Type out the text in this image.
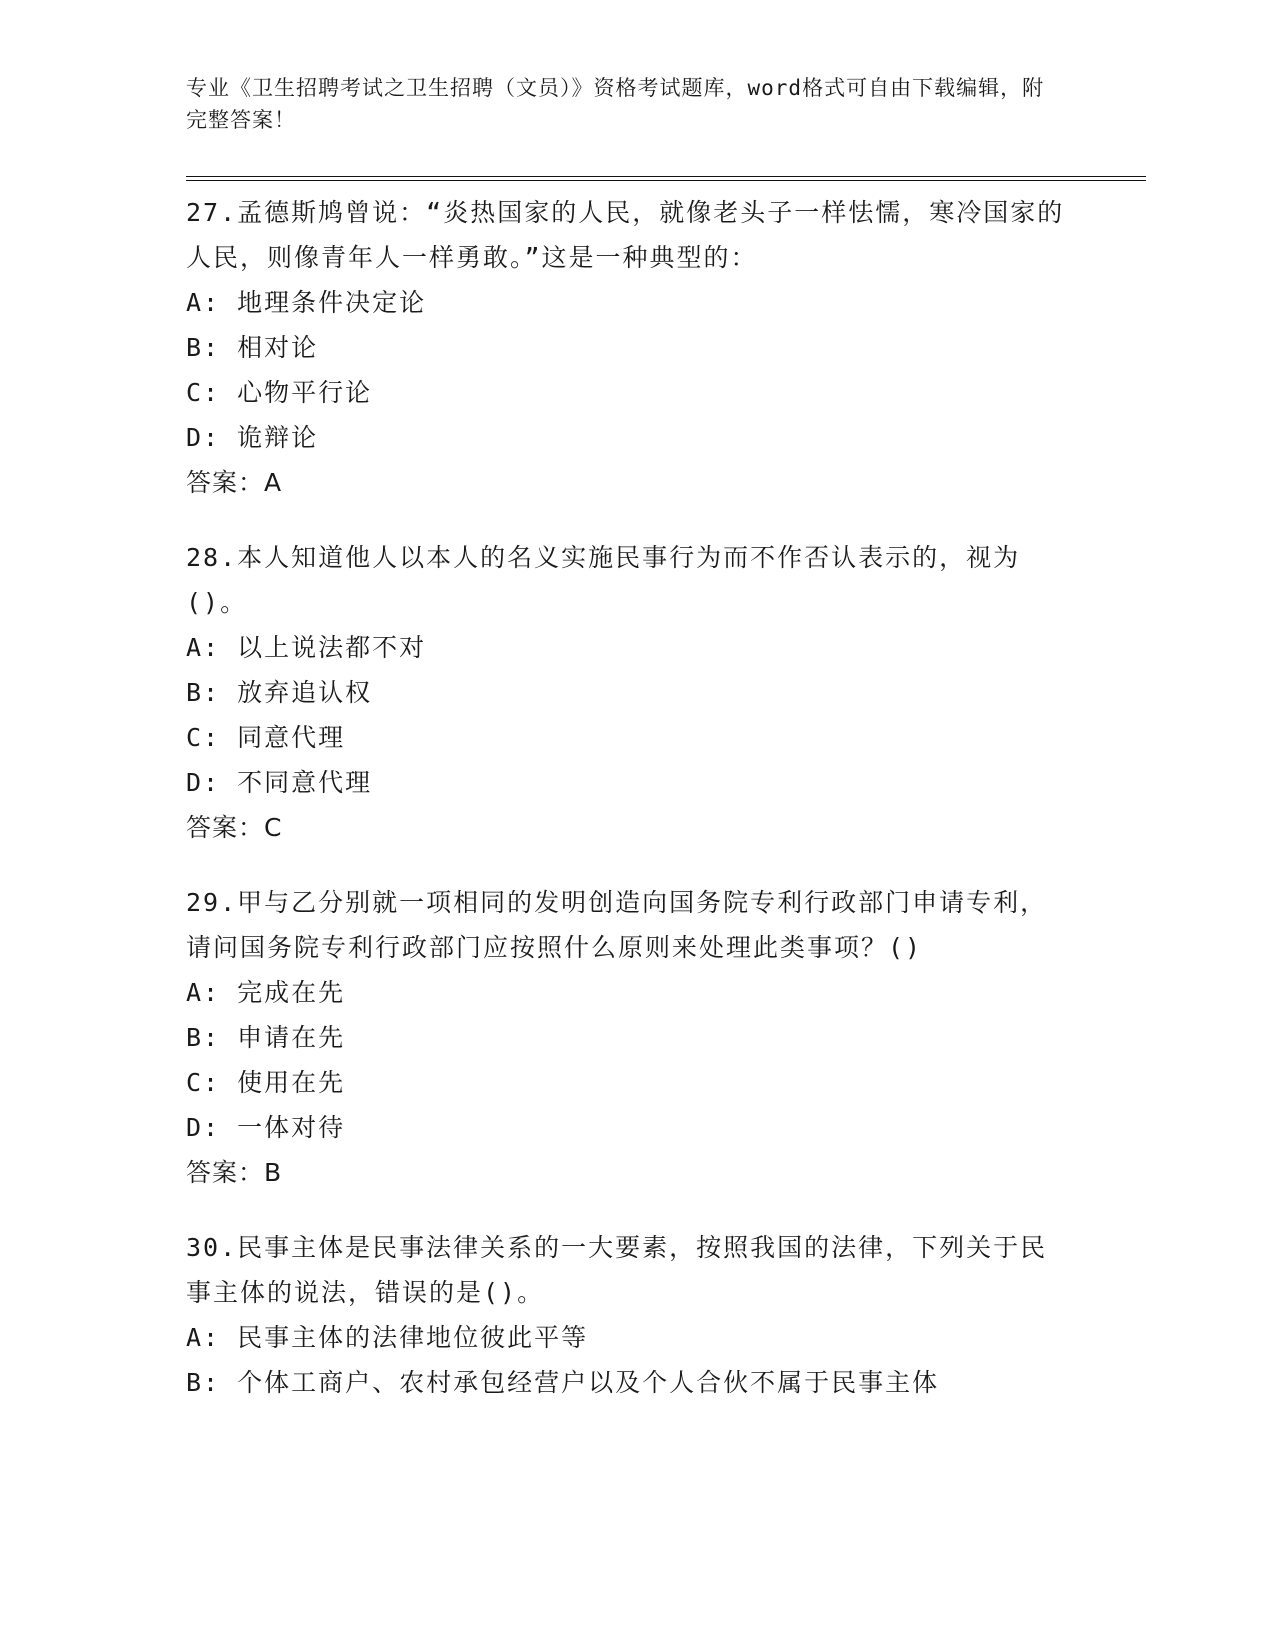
专业《卫生招聘考试之卫生招聘（文员）》资格考试题库，word格式可自由下载编辑，附完整答案！

27.孟德斯鸠曾说：“炎热国家的人民，就像老头子一样怯懦，寒冷国家的人民，则像青年人一样勇敢。”这是一种典型的：

A: 地理条件决定论

B: 相对论

C: 心物平行论

D: 诡辩论

答案：A

28.本人知道他人以本人的名义实施民事行为而不作否认表示的，视为()。

A: 以上说法都不对

B: 放弃追认权

C: 同意代理

D: 不同意代理

答案：C

29.甲与乙分别就一项相同的发明创造向国务院专利行政部门申请专利，请问国务院专利行政部门应按照什么原则来处理此类事项？()

A: 完成在先

B: 申请在先

C: 使用在先

D: 一体对待

答案：B

30.民事主体是民事法律关系的一大要素，按照我国的法律，下列关于民事主体的说法，错误的是()。

A: 民事主体的法律地位彼此平等

B: 个体工商户、农村承包经营户以及个人合伙不属于民事主体
